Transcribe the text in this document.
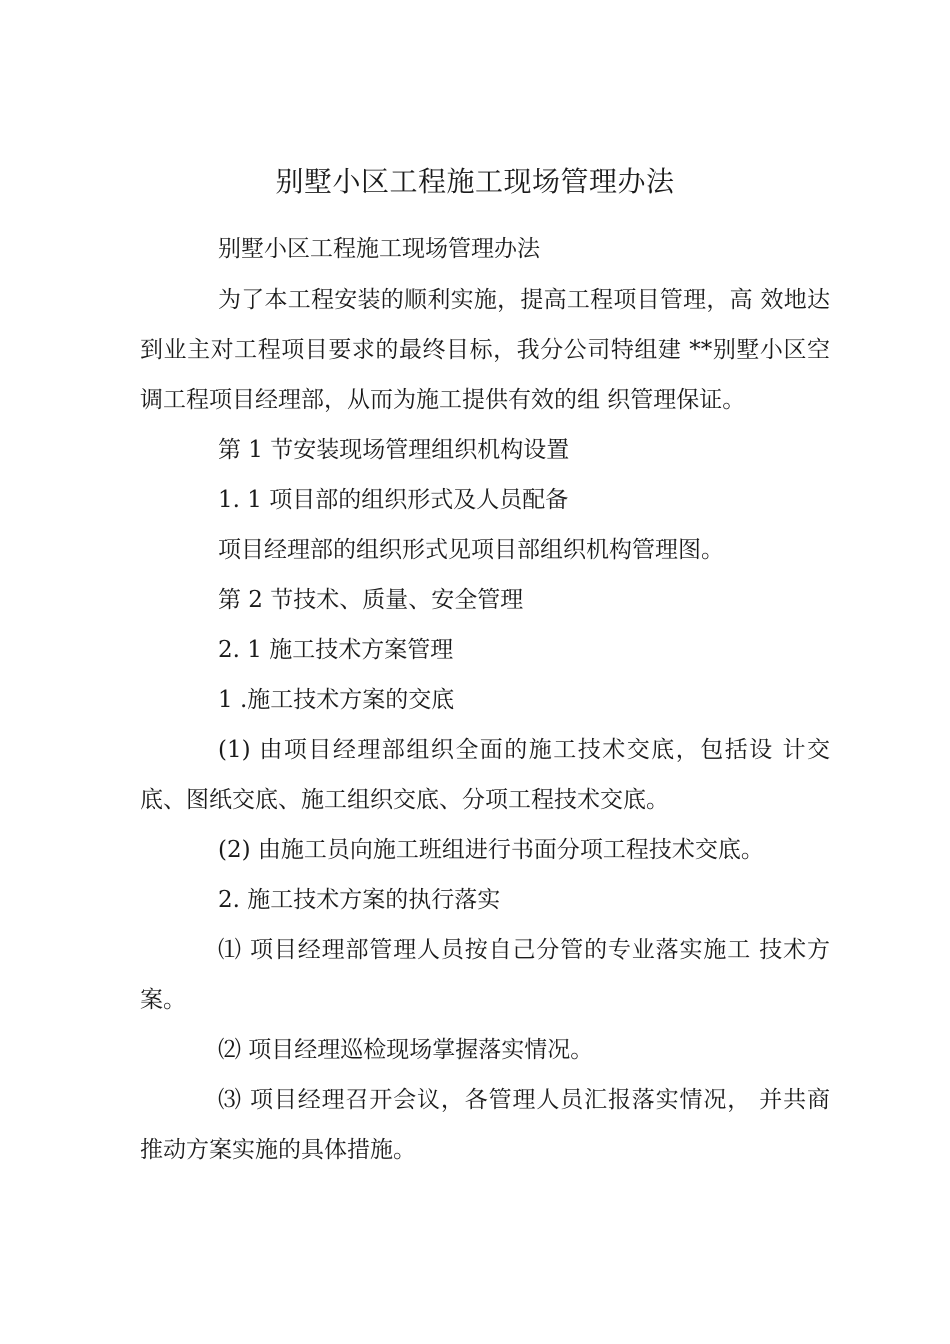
别墅小区工程施工现场管理办法

别墅小区工程施工现场管理办法

为了本工程安装的顺利实施，提高工程项目管理，高 效地达到业主对工程项目要求的最终目标，我分公司特组建 **别墅小区空调工程项目经理部，从而为施工提供有效的组 织管理保证。

第 1 节安装现场管理组织机构设置

1. 1 项目部的组织形式及人员配备

项目经理部的组织形式见项目部组织机构管理图。

第 2 节技术、质量、安全管理

2. 1 施工技术方案管理

1 .施工技术方案的交底

(1) 由项目经理部组织全面的施工技术交底，包括设 计交底、图纸交底、施工组织交底、分项工程技术交底。

(2) 由施工员向施工班组进行书面分项工程技术交底。

2. 施工技术方案的执行落实

⑴ 项目经理部管理人员按自己分管的专业落实施工 技术方案。

⑵ 项目经理巡检现场掌握落实情况。

⑶ 项目经理召开会议，各管理人员汇报落实情况， 并共商推动方案实施的具体措施。
